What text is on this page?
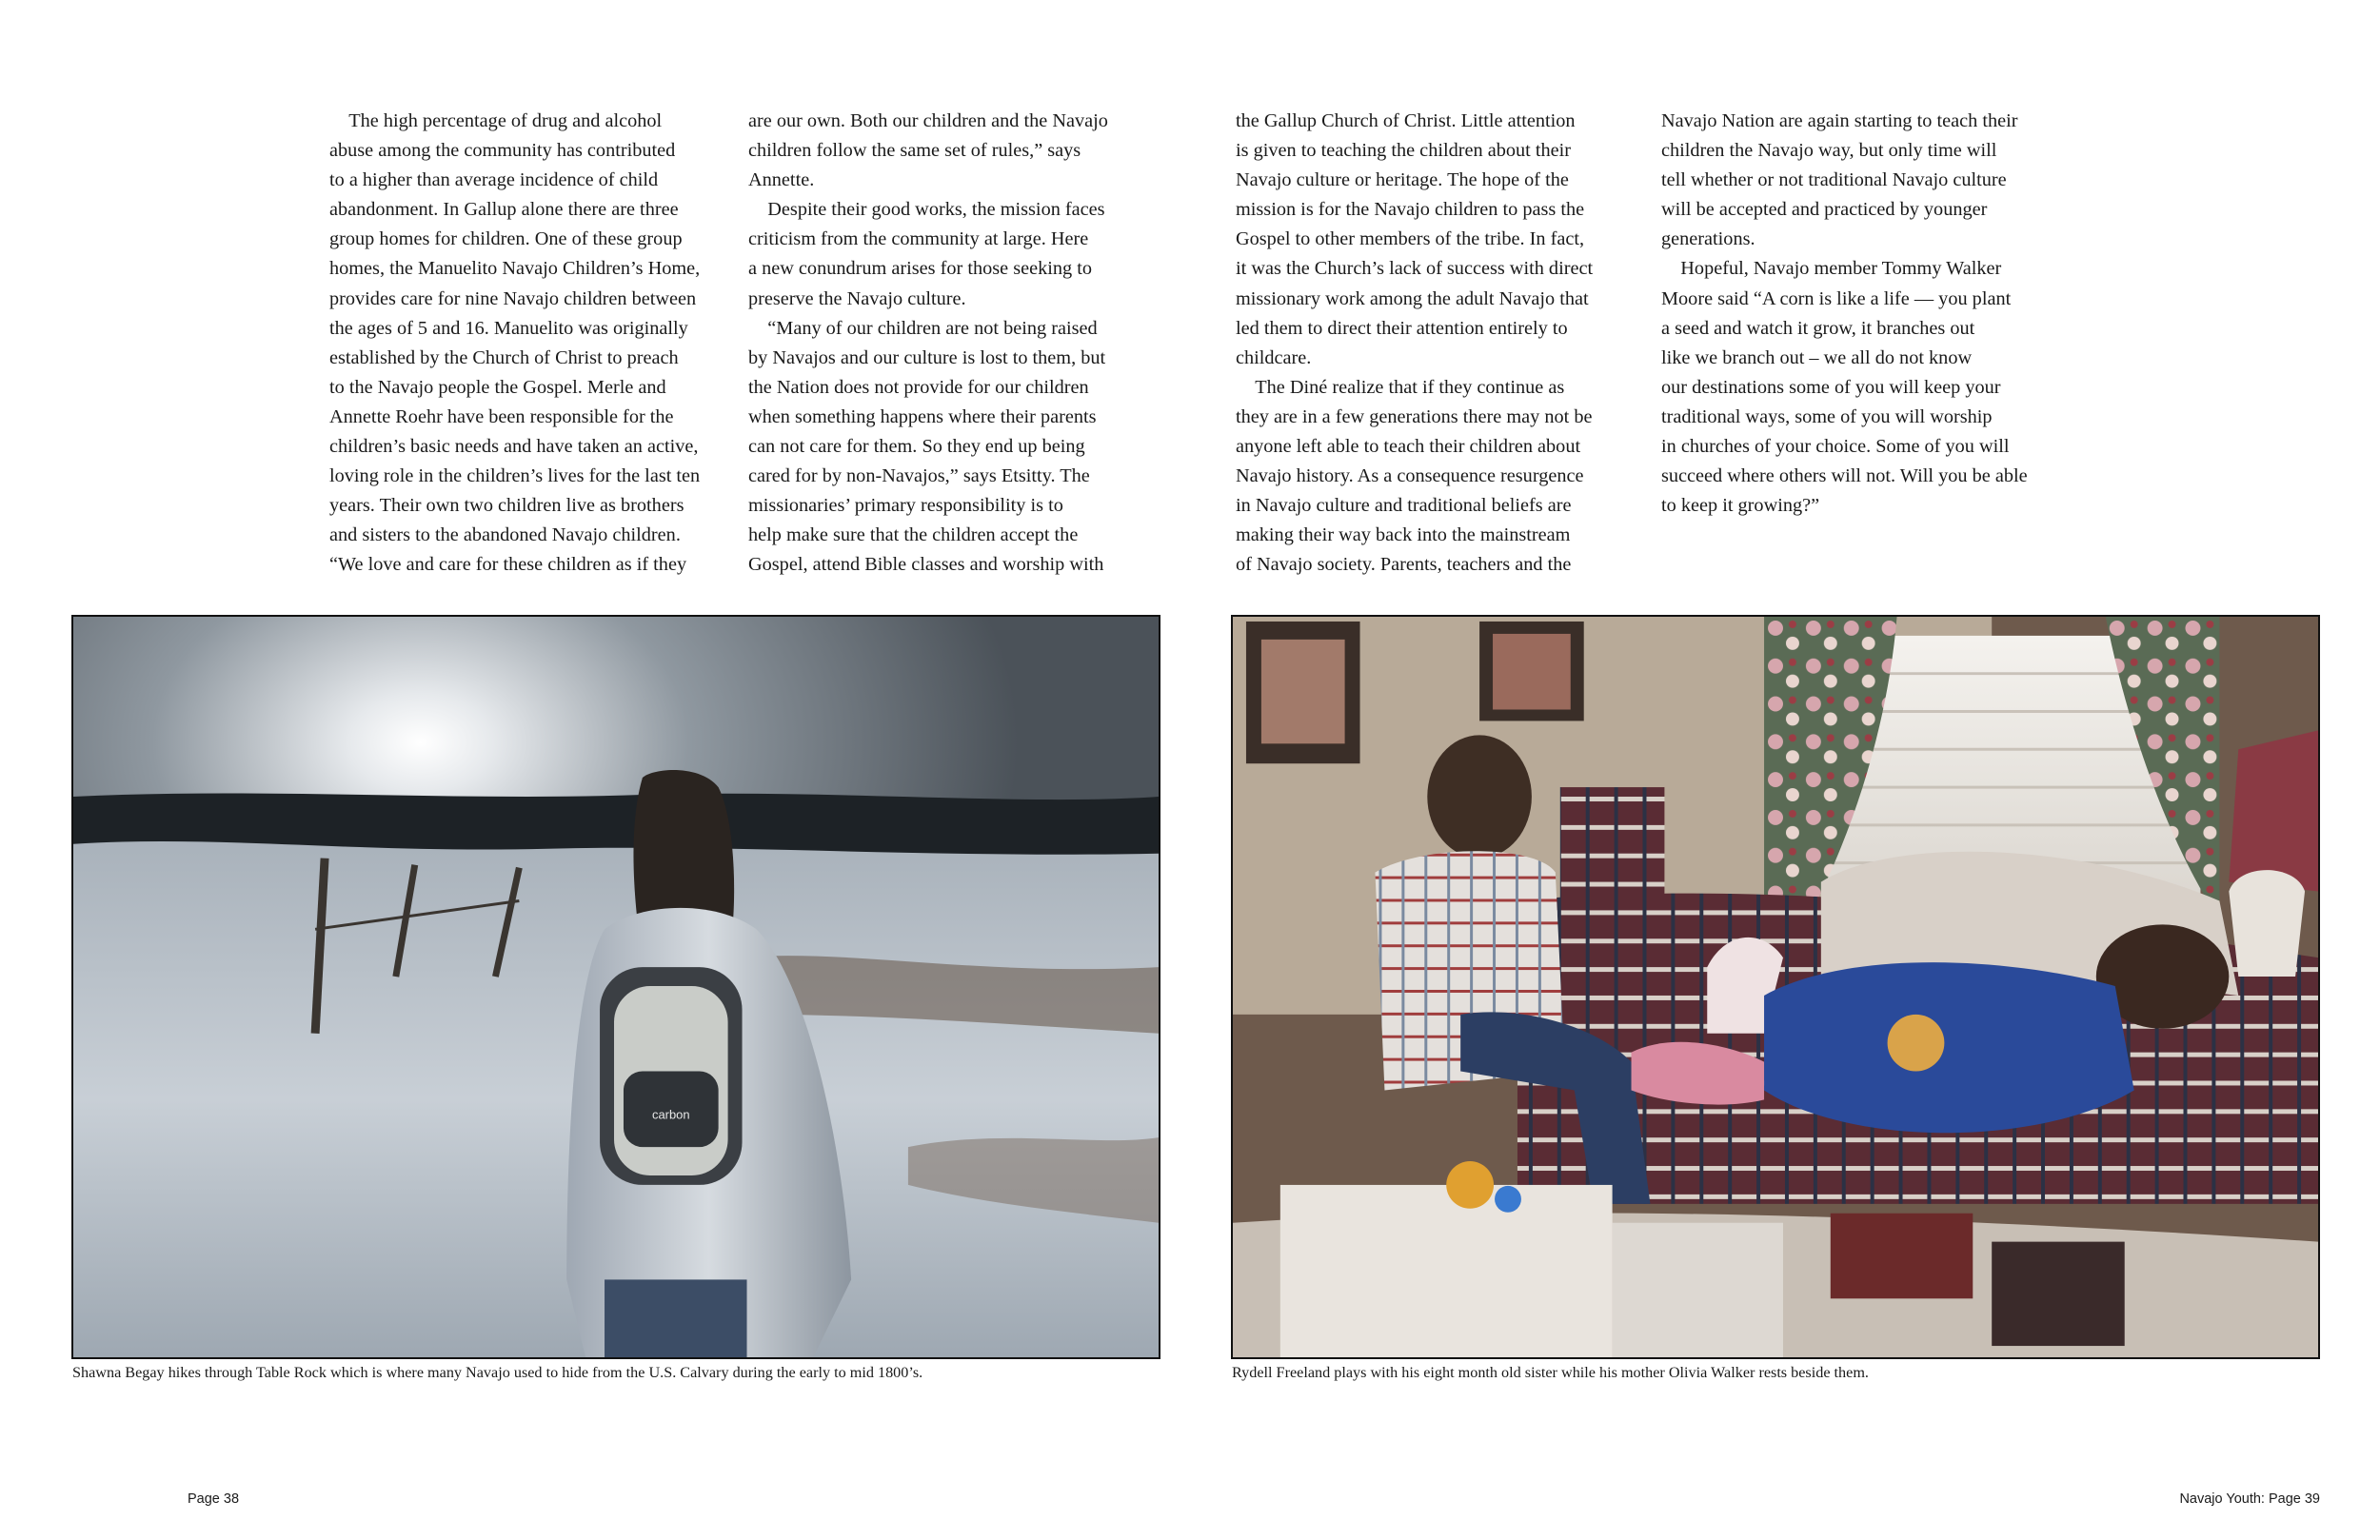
The high percentage of drug and alcohol
abuse among the community has contributed
to a higher than average incidence of child
abandonment. In Gallup alone there are three
group homes for children. One of these group
homes, the Manuelito Navajo Children’s Home,
provides care for nine Navajo children between
the ages of 5 and 16. Manuelito was originally
established by the Church of Christ to preach
to the Navajo people the Gospel. Merle and
Annette Roehr have been responsible for the
children’s basic needs and have taken an active,
loving role in the children’s lives for the last ten
years. Their own two children live as brothers
and sisters to the abandoned Navajo children.
“We love and care for these children as if they
are our own. Both our children and the Navajo
children follow the same set of rules,” says
Annette.
Despite their good works, the mission faces
criticism from the community at large. Here
a new conundrum arises for those seeking to
preserve the Navajo culture.
“Many of our children are not being raised
by Navajos and our culture is lost to them, but
the Nation does not provide for our children
when something happens where their parents
can not care for them. So they end up being
cared for by non-Navajos,” says Etsitty. The
missionaries’ primary responsibility is to
help make sure that the children accept the
Gospel, attend Bible classes and worship with
the Gallup Church of Christ. Little attention
is given to teaching the children about their
Navajo culture or heritage. The hope of the
mission is for the Navajo children to pass the
Gospel to other members of the tribe. In fact,
it was the Church’s lack of success with direct
missionary work among the adult Navajo that
led them to direct their attention entirely to
childcare.
The Diné realize that if they continue as
they are in a few generations there may not be
anyone left able to teach their children about
Navajo history. As a consequence resurgence
in Navajo culture and traditional beliefs are
making their way back into the mainstream
of Navajo society. Parents, teachers and the
Navajo Nation are again starting to teach their
children the Navajo way, but only time will
tell whether or not traditional Navajo culture
will be accepted and practiced by younger
generations.
Hopeful, Navajo member Tommy Walker
Moore said “A corn is like a life — you plant
a seed and watch it grow, it branches out
like we branch out – we all do not know
our destinations some of you will keep your
traditional ways, some of you will worship
in churches of your choice. Some of you will
succeed where others will not. Will you be able
to keep it growing?”
carbon
Shawna Begay hikes through Table Rock which is where many Navajo used to hide from the U.S. Calvary during the early to mid 1800’s.	Rydell Freeland plays with his eight month old sister while his mother Olivia Walker rests beside them.
Page 38	Navajo Youth: Page 39
